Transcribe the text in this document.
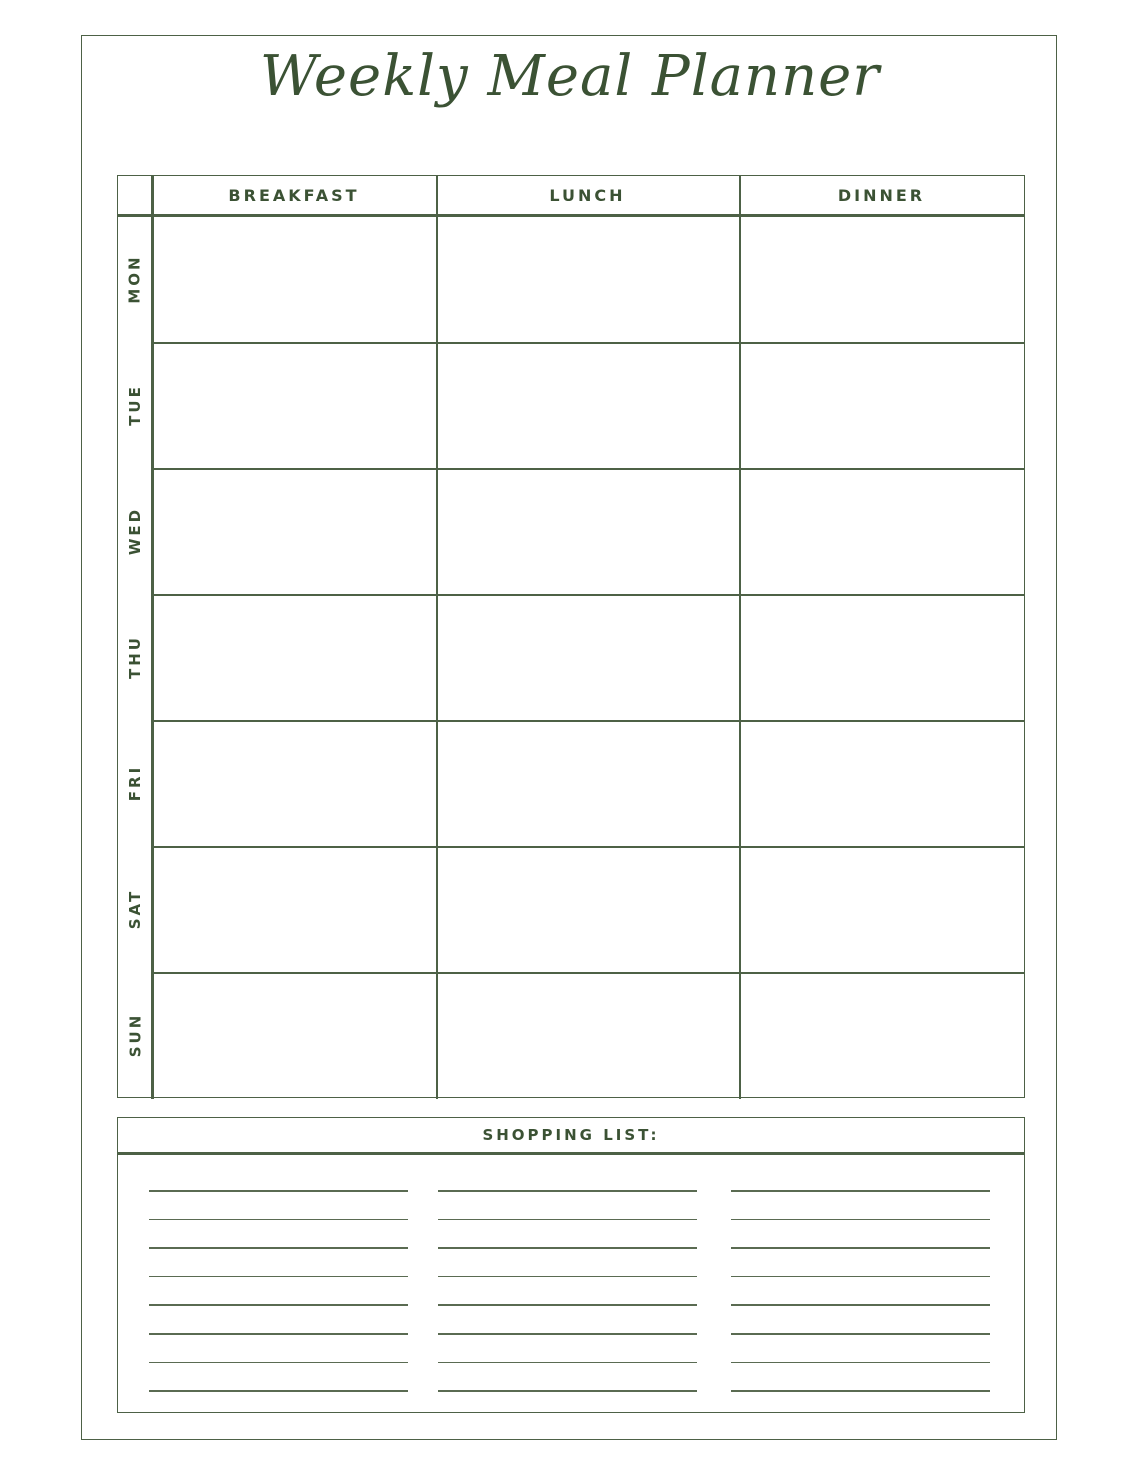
Weekly Meal Planner
BREAKFAST	LUNCH	DINNER
MON
TUE
WED
THU
FRI
SAT
SUN
SHOPPING LIST:
